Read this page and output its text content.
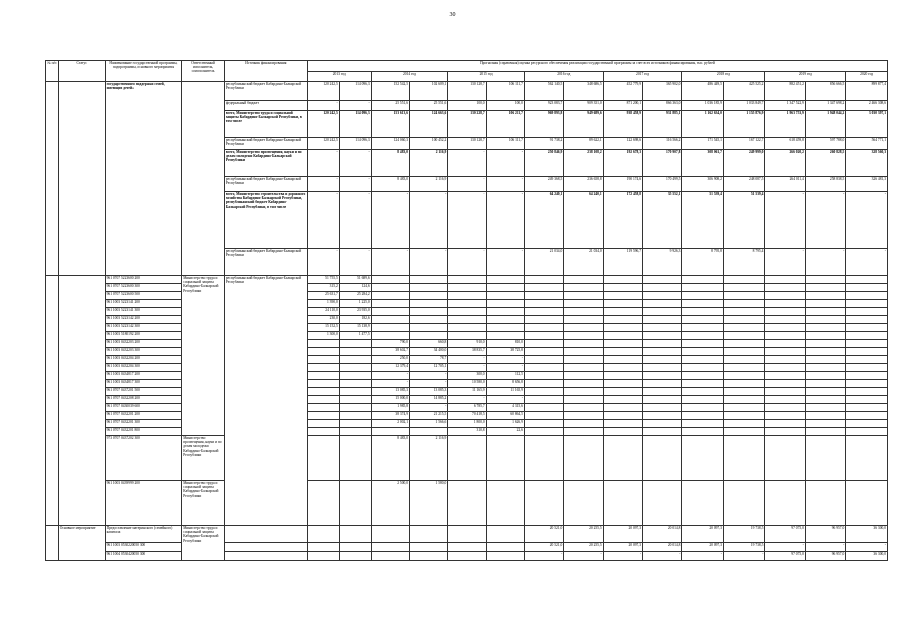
30
№ п/п	Статус	Наименование государственной программы, подпрограммы, основного мероприятия	Ответственный исполнитель, соисполнитель	Источник финансирования	Прогнозная (справочная) оценка ресурсного обеспечения реализации государственной программы за счет всех источников финансирования, тыс. рублей														
					2013 год		2014 год		2015 год		2016 год		2017 год		2018 год		2019 год		2020 год
		государственного поддержки семей, имеющих детей»		республиканский бюджет Кабардино-Балкарской Республики	120 242,5	114 096,3	152 542,5	102 609,1	130 128,7	106 111,7	562 140,5	348 686,5	452 779,9	365 902,0	486 449,5	425 525,2	882 451,2	856 666,5	899 877,4
				федеральный бюджет	-	-	25 551,6	25 551,6	100,0	100,0	923 083,7	909 351,0	871 200,1	866 363,0	1 036 185,9	1 033 849,7	1 347 522,9	1 347 698,2	2 466 308,6
				всего, Министерство труда и социальной защиты Кабардино-Балкарской Республики, в том числе	120 242,5	114 096,3	153 613,6	124 663,6	130 228,7	106 211,7	969 893,8	949 689,6	938 458,9	931 885,1	1 162 634,0	1 155 876,9	1 963 753,9	1 948 044,2	3 030 397,1
				республиканский бюджет Кабардино-Балкарской Республики	120 242,5	114 096,3	124 060,3	100 452,2	130 128,7	106 111,7	91 738,2	89 622,1	122 698,6	116 566,2	171 545,1	167 122,7	618 459,8	597 788,0	564 771,1
				всего, Министерство просвещения, науки и по делам молодежи Кабардино-Балкарской Республики	-	-	8 483,0	2 116,9	-	-	250 846,9	238 108,2	192 678,3	170 907,8	308 061,7	249 999,0	266 020,2	260 828,5	328 560,3
				республиканский бюджет Кабардино-Балкарской Республики	-	-	8 483,0	2 116,9	-	-	249 368,5	236 658,8	190 174,6	170 499,5	306 908,2	248 087,5	264 011,4	258 838,5	326 481,3
				всего, Министерство строительства и дорожного хозяйства Кабардино-Балкарской Республики, республиканский бюджет Кабардино-Балкарской Республики, в том числе	-	-	-	-	-	-	64 240,1	64 240,1	172 458,8	35 552,1	51 539,4	51 539,4	-	-	-
				республиканский бюджет Кабардино-Балкарской Республики	-	-	-	-	-	-	21 034,0	21 034,0	119 596,7	9 926,3	8 795,8	8 795,4	-	-	-
		961 0707 5223600 200	Министерство труда и социальной защиты Кабардино-Балкарской Республики	республиканский бюджет Кабардино-Балкарской Республики	51 755,5	51 689,6													
		961 0707 5223600 300			315,2	124,6													
		961 0707 5223600 500			25 631,7	25 284,2													
		961 1003 5223141 200			1 390,0	1 225,0													
		961 1003 5223141 300			24 110,0	23 935,0													
		961 1003 5223142 200			230,0	182,6													
		961 1003 5223142 300			15 152,5	15 138,9													
		961 1003 5180192 200			1 300,0	1 477,5													
		961 1003 0432203 200					790,0	660,8	910,0	810,0									
		961 1003 0432203 300					38 602,7	34 400,0	38 835,7	38 725,8									
		961 1003 0432204 200					250,0	78,7	-	-									
		961 1003 0432204 300					12 379,4	12 705,1	-	-									
		961 1003 0434817 200					-	-	300,0	112,5									
		961 1003 0434817 300					-	-	10 580,0	8 656,8									
		961 0707 0437201 500					13 085,3	13 085,3	11 165,9	11 165,9									
		961 0707 0432208 200					15 000,0	14 885,2	-	-									
		961 0707 0430039 600					1 985,8	-	6 785,7	4 315,6									
		961 0707 0432201 200					38 374,9	21 215,5	70 418,5	60 864,5									
		961 0707 0432201 300					2 002,1	1 566,6	1 800,0	1 626,9									
		961 0707 0432201 800							310,8	22,6									
		973 0707 0437202 300	Министерство просвещения, науки и по делам молодежи Кабардино-Балкарской Республики				8 483,0	2 116,9											
		961 1003 0439999 200	Министерство труда и социальной защиты Кабардино-Балкарской Республики				2 500,0	1 580,0											
	Основное мероприятие	Предоставление материнского (семейного) капитала	Министерство труда и социальной защиты Кабардино-Балкарской Республики								20 521,0	20 255,5	20 097,3	20 014,8	20 097,3	19 738,5	97 075,0	96 957,0	36 300,0
		961 1003 0530220050 300									20 521,0	20 255,5	20 097,3	20 014,8	20 097,3	19 738,5	-	-	-
		961 1004 0530420050 300									-	-	-	-	-	-	97 075,0	96 957,0	36 300,0
